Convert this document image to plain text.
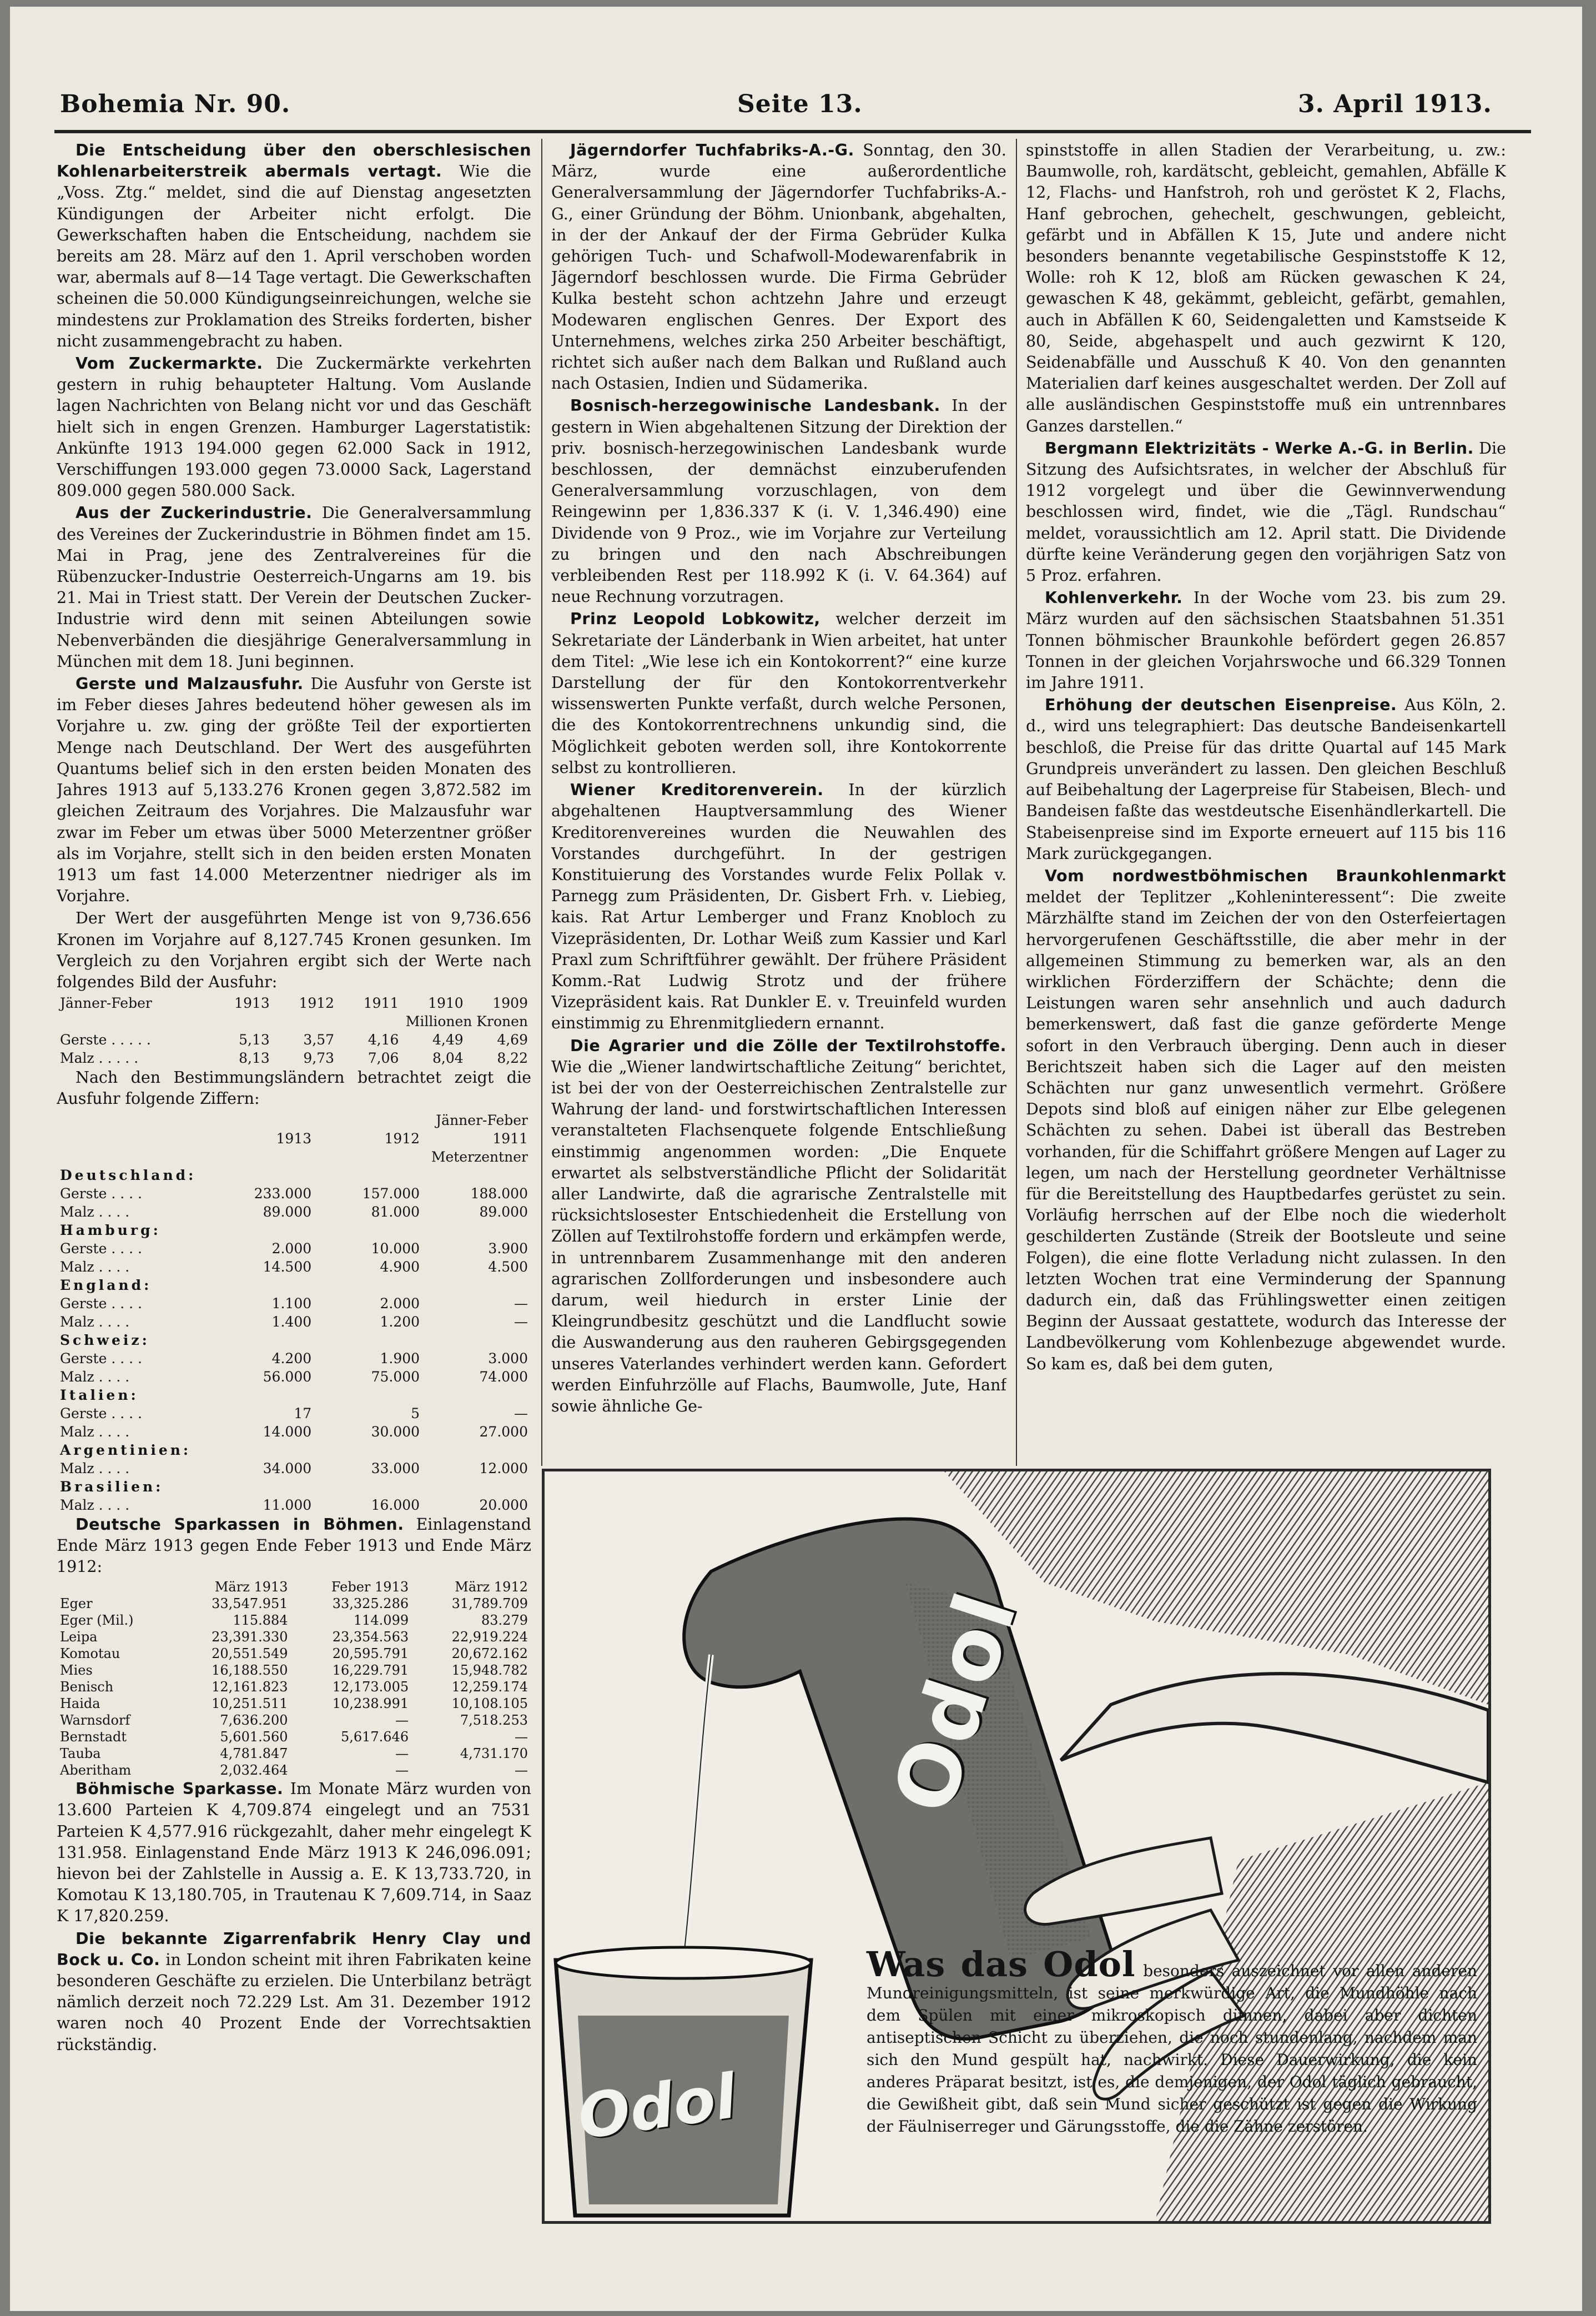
Bohemia Nr. 90.	Seite 13.	3. April 1913.

Die Entscheidung über den oberschlesischen Kohlenarbeiterstreik abermals vertagt. Wie die „Voss. Ztg.“ meldet, sind die auf Dienstag angesetzten Kündigungen der Arbeiter nicht erfolgt. Die Gewerkschaften haben die Entscheidung, nachdem sie bereits am 28. März auf den 1. April verschoben worden war, abermals auf 8—14 Tage vertagt. Die Gewerkschaften scheinen die 50.000 Kündigungseinreichungen, welche sie mindestens zur Proklamation des Streiks forderten, bisher nicht zusammengebracht zu haben.

Vom Zuckermarkte. Die Zuckermärkte verkehrten gestern in ruhig behaupteter Haltung. Vom Auslande lagen Nachrichten von Belang nicht vor und das Geschäft hielt sich in engen Grenzen. Hamburger Lagerstatistik: Ankünfte 1913 194.000 gegen 62.000 Sack in 1912, Verschiffungen 193.000 gegen 73.0000 Sack, Lagerstand 809.000 gegen 580.000 Sack.

Aus der Zuckerindustrie. Die Generalversammlung des Vereines der Zuckerindustrie in Böhmen findet am 15. Mai in Prag, jene des Zentralvereines für die Rübenzucker-Industrie Oesterreich-Ungarns am 19. bis 21. Mai in Triest statt. Der Verein der Deutschen Zucker-Industrie wird denn mit seinen Abteilungen sowie Nebenverbänden die diesjährige Generalversammlung in München mit dem 18. Juni beginnen.

Gerste und Malzausfuhr. Die Ausfuhr von Gerste ist im Feber dieses Jahres bedeutend höher gewesen als im Vorjahre u. zw. ging der größte Teil der exportierten Menge nach Deutschland. Der Wert des ausgeführten Quantums belief sich in den ersten beiden Monaten des Jahres 1913 auf 5,133.276 Kronen gegen 3,872.582 im gleichen Zeitraum des Vorjahres. Die Malzausfuhr war zwar im Feber um etwas über 5000 Meterzentner größer als im Vorjahre, stellt sich in den beiden ersten Monaten 1913 um fast 14.000 Meterzentner niedriger als im Vorjahre.

Der Wert der ausgeführten Menge ist von 9,736.656 Kronen im Vorjahre auf 8,127.745 Kronen gesunken. Im Vergleich zu den Vorjahren ergibt sich der Werte nach folgendes Bild der Ausfuhr:

Jänner-Feber	1913	1912	1911	1910	1909
	Millionen Kronen				
Gerste . . . . .	5,13	3,57	4,16	4,49	4,69
Malz . . . . .	8,13	9,73	7,06	8,04	8,22

Nach den Bestimmungsländern betrachtet zeigt die Ausfuhr folgende Ziffern:

	Jänner-Feber		
	1913	1912	1911
	Meterzentner		
Deutschland:			
Gerste . . . .	233.000	157.000	188.000
Malz . . . .	89.000	81.000	89.000
Hamburg:			
Gerste . . . .	2.000	10.000	3.900
Malz . . . .	14.500	4.900	4.500
England:			
Gerste . . . .	1.100	2.000	—
Malz . . . .	1.400	1.200	—
Schweiz:			
Gerste . . . .	4.200	1.900	3.000
Malz . . . .	56.000	75.000	74.000
Italien:			
Gerste . . . .	17	5	—
Malz . . . .	14.000	30.000	27.000
Argentinien:			
Malz . . . .	34.000	33.000	12.000
Brasilien:			
Malz . . . .	11.000	16.000	20.000

Deutsche Sparkassen in Böhmen. Einlagenstand Ende März 1913 gegen Ende Feber 1913 und Ende März 1912:

	März 1913	Feber 1913	März 1912
Eger	33,547.951	33,325.286	31,789.709
Eger (Mil.)	115.884	114.099	83.279
Leipa	23,391.330	23,354.563	22,919.224
Komotau	20,551.549	20,595.791	20,672.162
Mies	16,188.550	16,229.791	15,948.782
Benisch	12,161.823	12,173.005	12,259.174
Haida	10,251.511	10,238.991	10,108.105
Warnsdorf	7,636.200	—	7,518.253
Bernstadt	5,601.560	5,617.646	—
Tauba	4,781.847	—	4,731.170
Aberitham	2,032.464	—	—

Böhmische Sparkasse. Im Monate März wurden von 13.600 Parteien K 4,709.874 eingelegt und an 7531 Parteien K 4,577.916 rückgezahlt, daher mehr eingelegt K 131.958. Einlagenstand Ende März 1913 K 246,096.091; hievon bei der Zahlstelle in Aussig a. E. K 13,733.720, in Komotau K 13,180.705, in Trautenau K 7,609.714, in Saaz K 17,820.259.

Die bekannte Zigarrenfabrik Henry Clay und Bock u. Co. in London scheint mit ihren Fabrikaten keine besonderen Geschäfte zu erzielen. Die Unterbilanz beträgt nämlich derzeit noch 72.229 Lst. Am 31. Dezember 1912 waren noch 40 Prozent Ende der Vorrechtsaktien rückständig.

Jägerndorfer Tuchfabriks-A.-G. Sonntag, den 30. März, wurde eine außerordentliche Generalversammlung der Jägerndorfer Tuchfabriks-A.-G., einer Gründung der Böhm. Unionbank, abgehalten, in der der Ankauf der der Firma Gebrüder Kulka gehörigen Tuch- und Schafwoll-Modewarenfabrik in Jägerndorf beschlossen wurde. Die Firma Gebrüder Kulka besteht schon achtzehn Jahre und erzeugt Modewaren englischen Genres. Der Export des Unternehmens, welches zirka 250 Arbeiter beschäftigt, richtet sich außer nach dem Balkan und Rußland auch nach Ostasien, Indien und Südamerika.

Bosnisch-herzegowinische Landesbank. In der gestern in Wien abgehaltenen Sitzung der Direktion der priv. bosnisch-herzegowinischen Landesbank wurde beschlossen, der demnächst einzuberufenden Generalversammlung vorzuschlagen, von dem Reingewinn per 1,836.337 K (i. V. 1,346.490) eine Dividende von 9 Proz., wie im Vorjahre zur Verteilung zu bringen und den nach Abschreibungen verbleibenden Rest per 118.992 K (i. V. 64.364) auf neue Rechnung vorzutragen.

Prinz Leopold Lobkowitz, welcher derzeit im Sekretariate der Länderbank in Wien arbeitet, hat unter dem Titel: „Wie lese ich ein Kontokorrent?“ eine kurze Darstellung der für den Kontokorrentverkehr wissenswerten Punkte verfaßt, durch welche Personen, die des Kontokorrentrechnens unkundig sind, die Möglichkeit geboten werden soll, ihre Kontokorrente selbst zu kontrollieren.

Wiener Kreditorenverein. In der kürzlich abgehaltenen Hauptversammlung des Wiener Kreditorenvereines wurden die Neuwahlen des Vorstandes durchgeführt. In der gestrigen Konstituierung des Vorstandes wurde Felix Pollak v. Parnegg zum Präsidenten, Dr. Gisbert Frh. v. Liebieg, kais. Rat Artur Lemberger und Franz Knobloch zu Vizepräsidenten, Dr. Lothar Weiß zum Kassier und Karl Praxl zum Schriftführer gewählt. Der frühere Präsident Komm.-Rat Ludwig Strotz und der frühere Vizepräsident kais. Rat Dunkler E. v. Treuinfeld wurden einstimmig zu Ehrenmitgliedern ernannt.

Die Agrarier und die Zölle der Textilrohstoffe. Wie die „Wiener landwirtschaftliche Zeitung“ berichtet, ist bei der von der Oesterreichischen Zentralstelle zur Wahrung der land- und forstwirtschaftlichen Interessen veranstalteten Flachsenquete folgende Entschließung einstimmig angenommen worden: „Die Enquete erwartet als selbstverständliche Pflicht der Solidarität aller Landwirte, daß die agrarische Zentralstelle mit rücksichtslosester Entschiedenheit die Erstellung von Zöllen auf Textilrohstoffe fordern und erkämpfen werde, in untrennbarem Zusammenhange mit den anderen agrarischen Zollforderungen und insbesondere auch darum, weil hiedurch in erster Linie der Kleingrundbesitz geschützt und die Landflucht sowie die Auswanderung aus den rauheren Gebirgsgegenden unseres Vaterlandes verhindert werden kann. Gefordert werden Einfuhrzölle auf Flachs, Baumwolle, Jute, Hanf sowie ähnliche Ge-

spinststoffe in allen Stadien der Verarbeitung, u. zw.: Baumwolle, roh, kardätscht, gebleicht, gemahlen, Abfälle K 12, Flachs- und Hanfstroh, roh und geröstet K 2, Flachs, Hanf gebrochen, gehechelt, geschwungen, gebleicht, gefärbt und in Abfällen K 15, Jute und andere nicht besonders benannte vegetabilische Gespinststoffe K 12, Wolle: roh K 12, bloß am Rücken gewaschen K 24, gewaschen K 48, gekämmt, gebleicht, gefärbt, gemahlen, auch in Abfällen K 60, Seidengaletten und Kamstseide K 80, Seide, abgehaspelt und auch gezwirnt K 120, Seidenabfälle und Ausschuß K 40. Von den genannten Materialien darf keines ausgeschaltet werden. Der Zoll auf alle ausländischen Gespinststoffe muß ein untrennbares Ganzes darstellen.“

Bergmann Elektrizitäts - Werke A.-G. in Berlin. Die Sitzung des Aufsichtsrates, in welcher der Abschluß für 1912 vorgelegt und über die Gewinnverwendung beschlossen wird, findet, wie die „Tägl. Rundschau“ meldet, voraussichtlich am 12. April statt. Die Dividende dürfte keine Veränderung gegen den vorjährigen Satz von 5 Proz. erfahren.

Kohlenverkehr. In der Woche vom 23. bis zum 29. März wurden auf den sächsischen Staatsbahnen 51.351 Tonnen böhmischer Braunkohle befördert gegen 26.857 Tonnen in der gleichen Vorjahrswoche und 66.329 Tonnen im Jahre 1911.

Erhöhung der deutschen Eisenpreise. Aus Köln, 2. d., wird uns telegraphiert: Das deutsche Bandeisenkartell beschloß, die Preise für das dritte Quartal auf 145 Mark Grundpreis unverändert zu lassen. Den gleichen Beschluß auf Beibehaltung der Lagerpreise für Stabeisen, Blech- und Bandeisen faßte das westdeutsche Eisenhändlerkartell. Die Stabeisenpreise sind im Exporte erneuert auf 115 bis 116 Mark zurückgegangen.

Vom nordwestböhmischen Braunkohlenmarkt meldet der Teplitzer „Kohleninteressent“: Die zweite Märzhälfte stand im Zeichen der von den Osterfeiertagen hervorgerufenen Geschäftsstille, die aber mehr in der allgemeinen Stimmung zu bemerken war, als an den wirklichen Förderziffern der Schächte; denn die Leistungen waren sehr ansehnlich und auch dadurch bemerkenswert, daß fast die ganze geförderte Menge sofort in den Verbrauch überging. Denn auch in dieser Berichtszeit haben sich die Lager auf den meisten Schächten nur ganz unwesentlich vermehrt. Größere Depots sind bloß auf einigen näher zur Elbe gelegenen Schächten zu sehen. Dabei ist überall das Bestreben vorhanden, für die Schiffahrt größere Mengen auf Lager zu legen, um nach der Herstellung geordneter Verhältnisse für die Bereitstellung des Hauptbedarfes gerüstet zu sein. Vorläufig herrschen auf der Elbe noch die wiederholt geschilderten Zustände (Streik der Bootsleute und seine Folgen), die eine flotte Verladung nicht zulassen. In den letzten Wochen trat eine Verminderung der Spannung dadurch ein, daß das Frühlingswetter einen zeitigen Beginn der Aussaat gestattete, wodurch das Interesse der Landbevölkerung vom Kohlenbezuge abgewendet wurde. So kam es, daß bei dem guten,

Odol
Odol
Was das Odol besonders auszeichnet vor allen anderen Mundreinigungsmitteln, ist seine merkwürdige Art, die Mundhöhle nach dem Spülen mit einer mikroskopisch dünnen, dabei aber dichten antiseptischen Schicht zu überziehen, die noch stundenlang, nachdem man sich den Mund gespült hat, nachwirkt. Diese Dauerwirkung, die kein anderes Präparat besitzt, ist es, die demjenigen, der Odol täglich gebraucht, die Gewißheit gibt, daß sein Mund sicher geschützt ist gegen die Wirkung der Fäulniserreger und Gärungsstoffe, die die Zähne zerstören.
